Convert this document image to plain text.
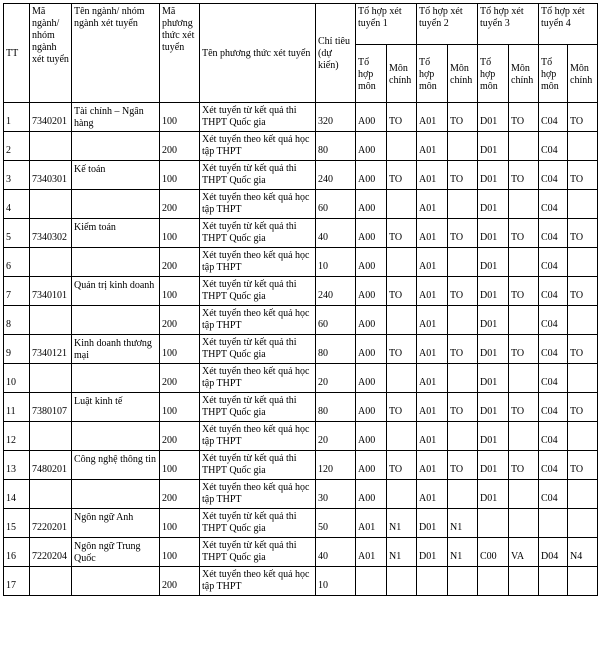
TT	Mã ngành/ nhóm ngành xét tuyển	Tên ngành/ nhóm ngành xét tuyển	Mã phương thức xét tuyển	Tên phương thức xét tuyển	Chỉ tiêu (dự kiến)	Tổ hợp xét tuyển 1		Tổ hợp xét tuyển 2		Tổ hợp xét tuyển 3		Tổ hợp xét tuyển 4	
						Tổ hợp môn	Môn chính	Tổ hợp môn	Môn chính	Tổ hợp môn	Môn chính	Tổ hợp môn	Môn chính
1	7340201	Tài chính – Ngân hàng	100	Xét tuyển từ kết quả thi THPT Quốc gia	320	A00	TO	A01	TO	D01	TO	C04	TO
2			200	Xét tuyển theo kết quả học tập THPT	80	A00		A01		D01		C04	
3	7340301	Kế toán	100	Xét tuyển từ kết quả thi THPT Quốc gia	240	A00	TO	A01	TO	D01	TO	C04	TO
4			200	Xét tuyển theo kết quả học tập THPT	60	A00		A01		D01		C04	
5	7340302	Kiểm toán	100	Xét tuyển từ kết quả thi THPT Quốc gia	40	A00	TO	A01	TO	D01	TO	C04	TO
6			200	Xét tuyển theo kết quả học tập THPT	10	A00		A01		D01		C04	
7	7340101	Quản trị kinh doanh	100	Xét tuyển từ kết quả thi THPT Quốc gia	240	A00	TO	A01	TO	D01	TO	C04	TO
8			200	Xét tuyển theo kết quả học tập THPT	60	A00		A01		D01		C04	
9	7340121	Kinh doanh thương mại	100	Xét tuyển từ kết quả thi THPT Quốc gia	80	A00	TO	A01	TO	D01	TO	C04	TO
10			200	Xét tuyển theo kết quả học tập THPT	20	A00		A01		D01		C04	
11	7380107	Luật kinh tế	100	Xét tuyển từ kết quả thi THPT Quốc gia	80	A00	TO	A01	TO	D01	TO	C04	TO
12			200	Xét tuyển theo kết quả học tập THPT	20	A00		A01		D01		C04	
13	7480201	Công nghệ thông tin	100	Xét tuyển từ kết quả thi THPT Quốc gia	120	A00	TO	A01	TO	D01	TO	C04	TO
14			200	Xét tuyển theo kết quả học tập THPT	30	A00		A01		D01		C04	
15	7220201	Ngôn ngữ Anh	100	Xét tuyển từ kết quả thi THPT Quốc gia	50	A01	N1	D01	N1				
16	7220204	Ngôn ngữ Trung Quốc	100	Xét tuyển từ kết quả thi THPT Quốc gia	40	A01	N1	D01	N1	C00	VA	D04	N4
17			200	Xét tuyển theo kết quả học tập THPT	10								
